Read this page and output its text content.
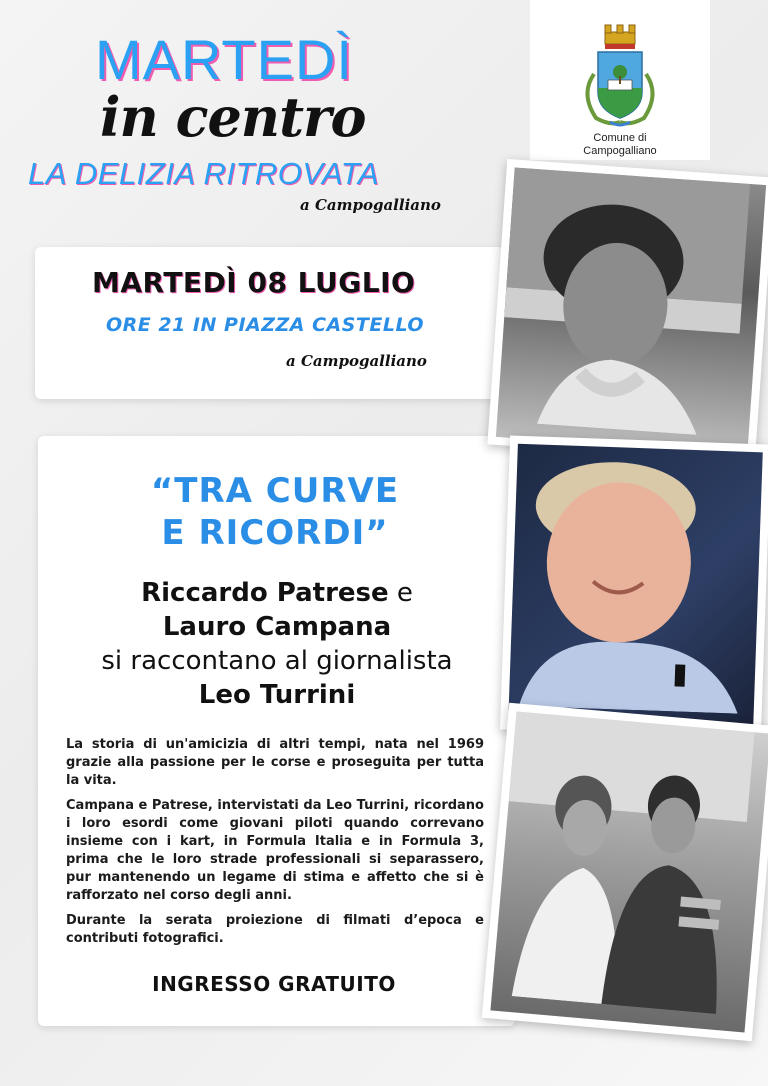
MARTEDÌ
in centro
LA DELIZIA RITROVATA
a Campogalliano
Comune di
Campogalliano
MARTEDÌ 08 LUGLIO
ORE 21 IN PIAZZA CASTELLO
a Campogalliano
“TRA CURVE
E RICORDI”
Riccardo Patrese e
Lauro Campana
si raccontano al giornalista
Leo Turrini

La storia di un'amicizia di altri tempi, nata nel 1969 grazie alla passione per le corse e proseguita per tutta la vita.

Campana e Patrese, intervistati da Leo Turrini, ricordano i loro esordi come giovani piloti quando correvano insieme con i kart, in Formula Italia e in Formula 3, prima che le loro strade professionali si separassero, pur mantenendo un legame di stima e affetto che si è rafforzato nel corso degli anni.

Durante la serata proiezione di filmati d’epoca e contributi fotografici.

INGRESSO GRATUITO
